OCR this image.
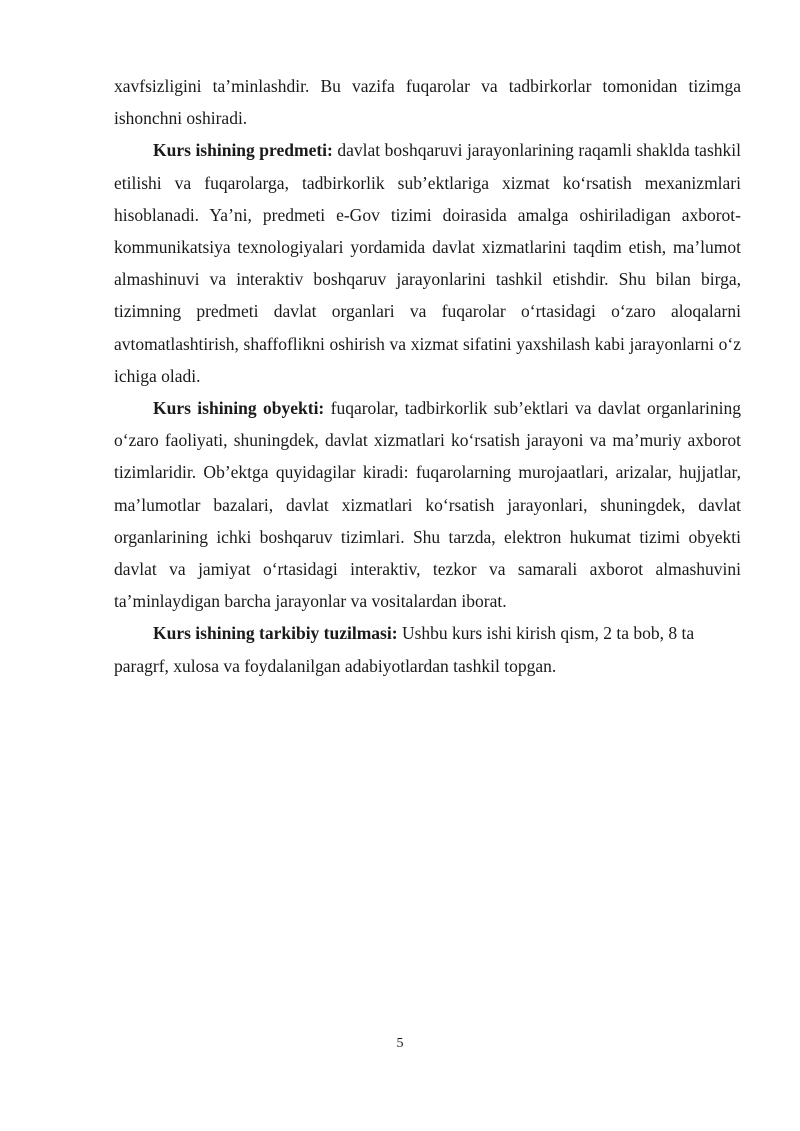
xavfsizligini ta’minlashdir. Bu vazifa fuqarolar va tadbirkorlar tomonidan tizimga ishonchni oshiradi.

Kurs ishining predmeti: davlat boshqaruvi jarayonlarining raqamli shaklda tashkil etilishi va fuqarolarga, tadbirkorlik sub’ektlariga xizmat ko‘rsatish mexanizmlari hisoblanadi. Ya’ni, predmeti e-Gov tizimi doirasida amalga oshiriladigan axborot-kommunikatsiya texnologiyalari yordamida davlat xizmatlarini taqdim etish, ma’lumot almashinuvi va interaktiv boshqaruv jarayonlarini tashkil etishdir. Shu bilan birga, tizimning predmeti davlat organlari va fuqarolar o‘rtasidagi o‘zaro aloqalarni avtomatlashtirish, shaffoflikni oshirish va xizmat sifatini yaxshilash kabi jarayonlarni o‘z ichiga oladi.

Kurs ishining obyekti: fuqarolar, tadbirkorlik sub’ektlari va davlat organlarining o‘zaro faoliyati, shuningdek, davlat xizmatlari ko‘rsatish jarayoni va ma’muriy axborot tizimlaridir. Ob’ektga quyidagilar kiradi: fuqarolarning murojaatlari, arizalar, hujjatlar, ma’lumotlar bazalari, davlat xizmatlari ko‘rsatish jarayonlari, shuningdek, davlat organlarining ichki boshqaruv tizimlari. Shu tarzda, elektron hukumat tizimi obyekti davlat va jamiyat o‘rtasidagi interaktiv, tezkor va samarali axborot almashuvini ta’minlaydigan barcha jarayonlar va vositalardan iborat.

Kurs ishining tarkibiy tuzilmasi: Ushbu kurs ishi kirish qism, 2 ta bob, 8 ta paragrf, xulosa va foydalanilgan adabiyotlardan tashkil topgan.

5
